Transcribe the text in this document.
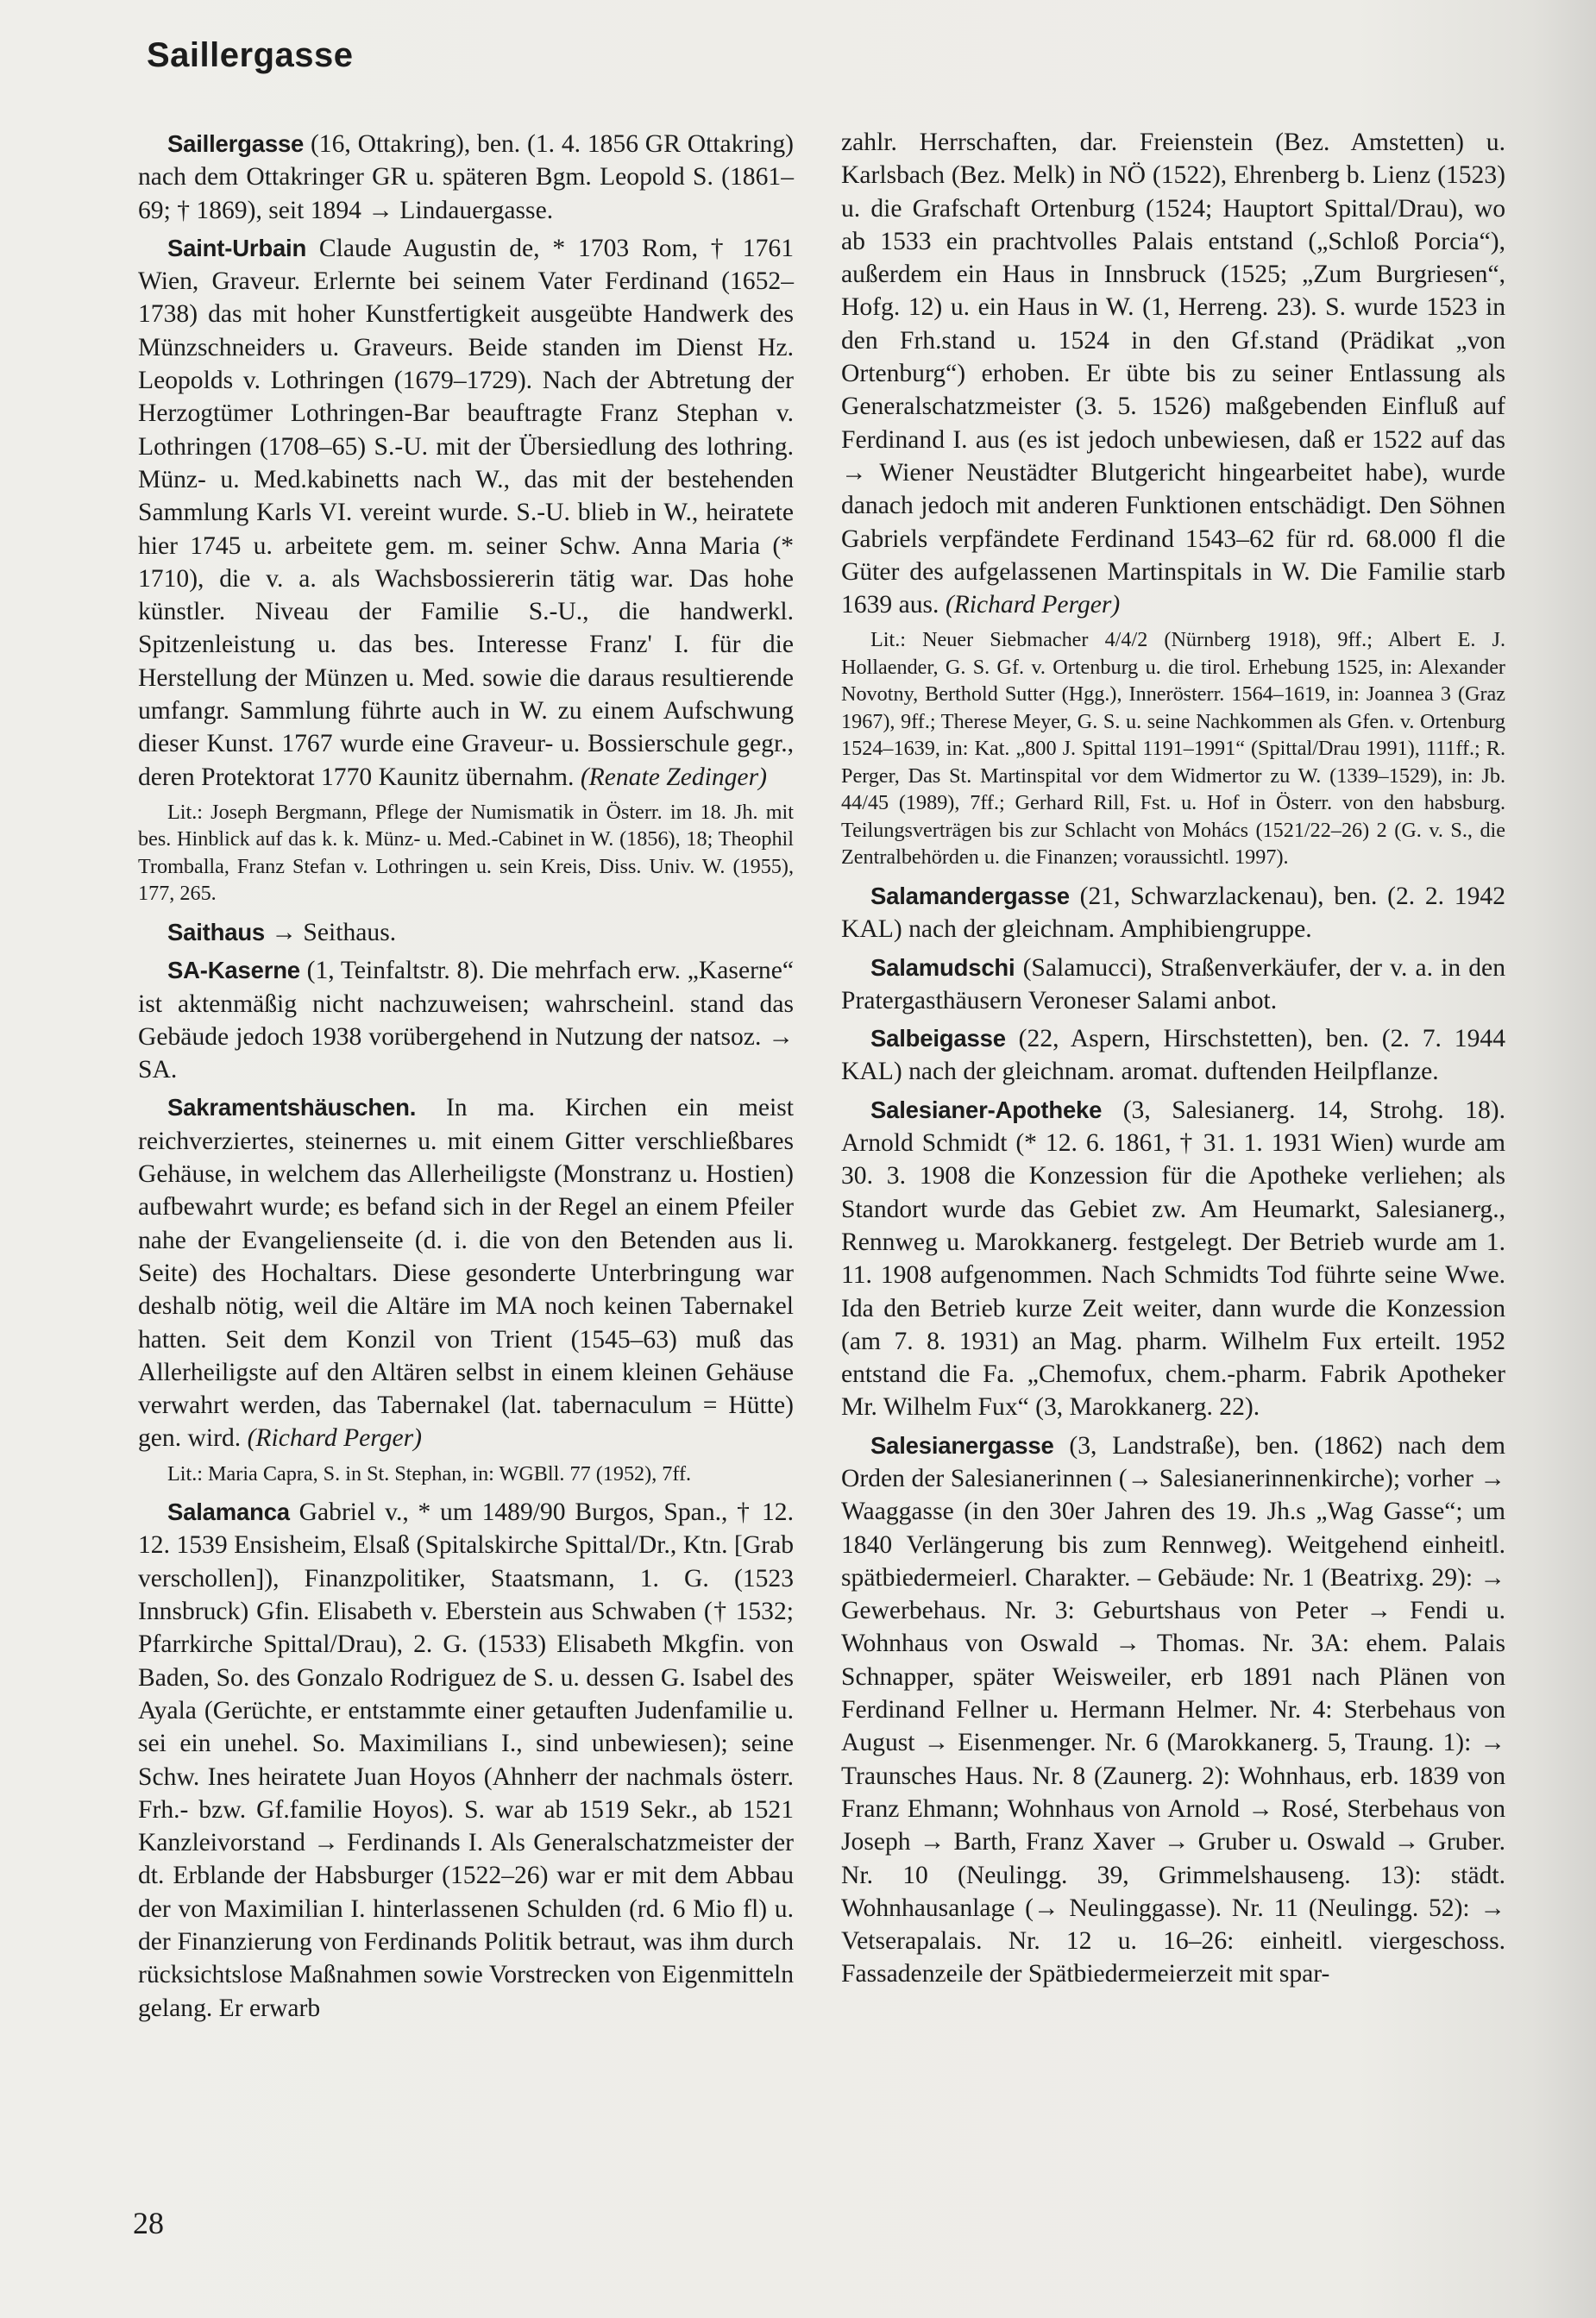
Saillergasse

Saillergasse (16, Ottakring), ben. (1. 4. 1856 GR Ottakring) nach dem Ottakringer GR u. späteren Bgm. Leopold S. (1861–69; † 1869), seit 1894 → Lindauergasse.

Saint-Urbain Claude Augustin de, * 1703 Rom, † 1761 Wien, Graveur. Erlernte bei seinem Vater Ferdinand (1652–1738) das mit hoher Kunstfertigkeit ausgeübte Handwerk des Münzschneiders u. Graveurs. Beide standen im Dienst Hz. Leopolds v. Lothringen (1679–1729). Nach der Abtretung der Herzogtümer Lothringen-Bar beauftragte Franz Stephan v. Lothringen (1708–65) S.-U. mit der Übersiedlung des lothring. Münz- u. Med.kabinetts nach W., das mit der bestehenden Sammlung Karls VI. vereint wurde. S.-U. blieb in W., heiratete hier 1745 u. arbeitete gem. m. seiner Schw. Anna Maria (* 1710), die v. a. als Wachsbossiererin tätig war. Das hohe künstler. Niveau der Familie S.-U., die handwerkl. Spitzenleistung u. das bes. Interesse Franz' I. für die Herstellung der Münzen u. Med. sowie die daraus resultierende umfangr. Sammlung führte auch in W. zu einem Aufschwung dieser Kunst. 1767 wurde eine Graveur- u. Bossierschule gegr., deren Protektorat 1770 Kaunitz übernahm. (Renate Zedinger)

Lit.: Joseph Bergmann, Pflege der Numismatik in Österr. im 18. Jh. mit bes. Hinblick auf das k. k. Münz- u. Med.-Cabinet in W. (1856), 18; Theophil Tromballa, Franz Stefan v. Lothringen u. sein Kreis, Diss. Univ. W. (1955), 177, 265.

Saithaus → Seithaus.

SA-Kaserne (1, Teinfaltstr. 8). Die mehrfach erw. „Kaserne“ ist aktenmäßig nicht nachzuweisen; wahrscheinl. stand das Gebäude jedoch 1938 vorübergehend in Nutzung der natsoz. → SA.

Sakramentshäuschen. In ma. Kirchen ein meist reichverziertes, steinernes u. mit einem Gitter verschließbares Gehäuse, in welchem das Allerheiligste (Monstranz u. Hostien) aufbewahrt wurde; es befand sich in der Regel an einem Pfeiler nahe der Evangelienseite (d. i. die von den Betenden aus li. Seite) des Hochaltars. Diese gesonderte Unterbringung war deshalb nötig, weil die Altäre im MA noch keinen Tabernakel hatten. Seit dem Konzil von Trient (1545–63) muß das Allerheiligste auf den Altären selbst in einem kleinen Gehäuse verwahrt werden, das Tabernakel (lat. tabernaculum = Hütte) gen. wird. (Richard Perger)

Lit.: Maria Capra, S. in St. Stephan, in: WGBll. 77 (1952), 7ff.

Salamanca Gabriel v., * um 1489/90 Burgos, Span., † 12. 12. 1539 Ensisheim, Elsaß (Spitalskirche Spittal/Dr., Ktn. [Grab verschollen]), Finanzpolitiker, Staatsmann, 1. G. (1523 Innsbruck) Gfin. Elisabeth v. Eberstein aus Schwaben († 1532; Pfarrkirche Spittal/Drau), 2. G. (1533) Elisabeth Mkgfin. von Baden, So. des Gonzalo Rodriguez de S. u. dessen G. Isabel des Ayala (Gerüchte, er entstammte einer getauften Judenfamilie u. sei ein unehel. So. Maximilians I., sind unbewiesen); seine Schw. Ines heiratete Juan Hoyos (Ahnherr der nachmals österr. Frh.- bzw. Gf.familie Hoyos). S. war ab 1519 Sekr., ab 1521 Kanzleivorstand → Ferdinands I. Als Generalschatzmeister der dt. Erblande der Habsburger (1522–26) war er mit dem Abbau der von Maximilian I. hinterlassenen Schulden (rd. 6 Mio fl) u. der Finanzierung von Ferdinands Politik betraut, was ihm durch rücksichtslose Maßnahmen sowie Vorstrecken von Eigenmitteln gelang. Er erwarb

zahlr. Herrschaften, dar. Freienstein (Bez. Amstetten) u. Karlsbach (Bez. Melk) in NÖ (1522), Ehrenberg b. Lienz (1523) u. die Grafschaft Ortenburg (1524; Hauptort Spittal/Drau), wo ab 1533 ein prachtvolles Palais entstand („Schloß Porcia“), außerdem ein Haus in Innsbruck (1525; „Zum Burgriesen“, Hofg. 12) u. ein Haus in W. (1, Herreng. 23). S. wurde 1523 in den Frh.stand u. 1524 in den Gf.stand (Prädikat „von Ortenburg“) erhoben. Er übte bis zu seiner Entlassung als Generalschatzmeister (3. 5. 1526) maßgebenden Einfluß auf Ferdinand I. aus (es ist jedoch unbewiesen, daß er 1522 auf das → Wiener Neustädter Blutgericht hingearbeitet habe), wurde danach jedoch mit anderen Funktionen entschädigt. Den Söhnen Gabriels verpfändete Ferdinand 1543–62 für rd. 68.000 fl die Güter des aufgelassenen Martinspitals in W. Die Familie starb 1639 aus. (Richard Perger)

Lit.: Neuer Siebmacher 4/4/2 (Nürnberg 1918), 9ff.; Albert E. J. Hollaender, G. S. Gf. v. Ortenburg u. die tirol. Erhebung 1525, in: Alexander Novotny, Berthold Sutter (Hgg.), Innerösterr. 1564–1619, in: Joannea 3 (Graz 1967), 9ff.; Therese Meyer, G. S. u. seine Nachkommen als Gfen. v. Ortenburg 1524–1639, in: Kat. „800 J. Spittal 1191–1991“ (Spittal/Drau 1991), 111ff.; R. Perger, Das St. Martinspital vor dem Widmertor zu W. (1339–1529), in: Jb. 44/45 (1989), 7ff.; Gerhard Rill, Fst. u. Hof in Österr. von den habsburg. Teilungsverträgen bis zur Schlacht von Mohács (1521/22–26) 2 (G. v. S., die Zentralbehörden u. die Finanzen; voraussichtl. 1997).

Salamandergasse (21, Schwarzlackenau), ben. (2. 2. 1942 KAL) nach der gleichnam. Amphibiengruppe.

Salamudschi (Salamucci), Straßenverkäufer, der v. a. in den Pratergasthäusern Veroneser Salami anbot.

Salbeigasse (22, Aspern, Hirschstetten), ben. (2. 7. 1944 KAL) nach der gleichnam. aromat. duftenden Heilpflanze.

Salesianer-Apotheke (3, Salesianerg. 14, Strohg. 18). Arnold Schmidt (* 12. 6. 1861, † 31. 1. 1931 Wien) wurde am 30. 3. 1908 die Konzession für die Apotheke verliehen; als Standort wurde das Gebiet zw. Am Heumarkt, Salesianerg., Rennweg u. Marokkanerg. festgelegt. Der Betrieb wurde am 1. 11. 1908 aufgenommen. Nach Schmidts Tod führte seine Wwe. Ida den Betrieb kurze Zeit weiter, dann wurde die Konzession (am 7. 8. 1931) an Mag. pharm. Wilhelm Fux erteilt. 1952 entstand die Fa. „Chemofux, chem.-pharm. Fabrik Apotheker Mr. Wilhelm Fux“ (3, Marokkanerg. 22).

Salesianergasse (3, Landstraße), ben. (1862) nach dem Orden der Salesianerinnen (→ Salesianerinnenkirche); vorher → Waaggasse (in den 30er Jahren des 19. Jh.s „Wag Gasse“; um 1840 Verlängerung bis zum Rennweg). Weitgehend einheitl. spätbiedermeierl. Charakter. – Gebäude: Nr. 1 (Beatrixg. 29): → Gewerbehaus. Nr. 3: Geburtshaus von Peter → Fendi u. Wohnhaus von Oswald → Thomas. Nr. 3A: ehem. Palais Schnapper, später Weisweiler, erb 1891 nach Plänen von Ferdinand Fellner u. Hermann Helmer. Nr. 4: Sterbehaus von August → Eisenmenger. Nr. 6 (Marokkanerg. 5, Traung. 1): → Traunsches Haus. Nr. 8 (Zaunerg. 2): Wohnhaus, erb. 1839 von Franz Ehmann; Wohnhaus von Arnold → Rosé, Sterbehaus von Joseph → Barth, Franz Xaver → Gruber u. Oswald → Gruber. Nr. 10 (Neulingg. 39, Grimmelshauseng. 13): städt. Wohnhausanlage (→ Neulinggasse). Nr. 11 (Neulingg. 52): → Vetserapalais. Nr. 12 u. 16–26: einheitl. viergeschoss. Fassadenzeile der Spätbiedermeierzeit mit spar-

28
